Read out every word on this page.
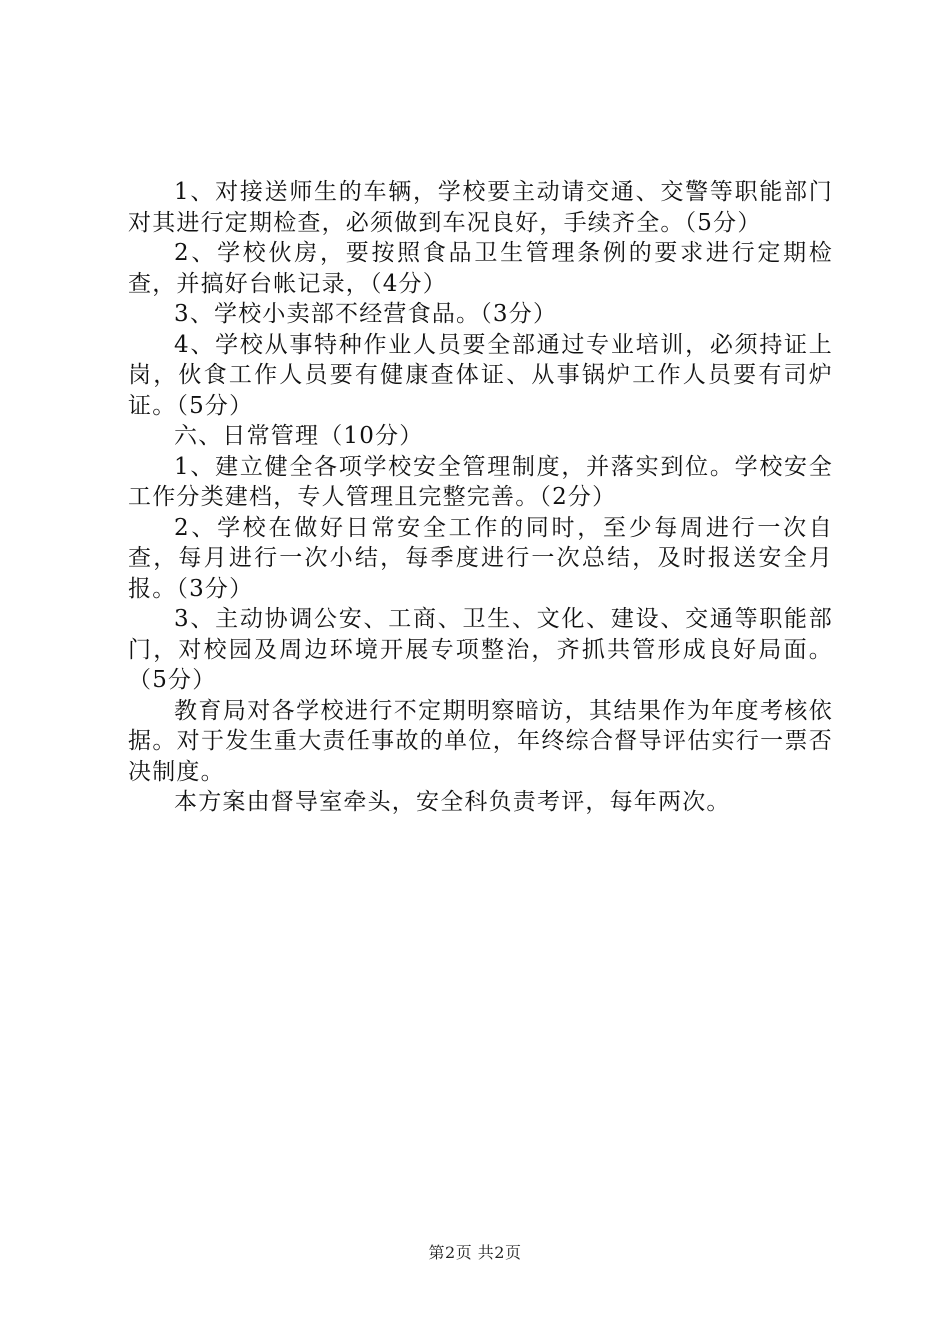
1、对接送师生的车辆，学校要主动请交通、交警等职能部门对其进行定期检查，必须做到车况良好，手续齐全。（5分）

2、学校伙房，要按照食品卫生管理条例的要求进行定期检查，并搞好台帐记录，（4分）

3、学校小卖部不经营食品。（3分）

4、学校从事特种作业人员要全部通过专业培训，必须持证上岗，伙食工作人员要有健康查体证、从事锅炉工作人员要有司炉证。（5分）

六、日常管理（10分）

1、建立健全各项学校安全管理制度，并落实到位。学校安全工作分类建档，专人管理且完整完善。（2分）

2、学校在做好日常安全工作的同时，至少每周进行一次自查，每月进行一次小结，每季度进行一次总结，及时报送安全月报。（3分）

3、主动协调公安、工商、卫生、文化、建设、交通等职能部门，对校园及周边环境开展专项整治，齐抓共管形成良好局面。（5分）

教育局对各学校进行不定期明察暗访，其结果作为年度考核依据。对于发生重大责任事故的单位，年终综合督导评估实行一票否决制度。

本方案由督导室牵头，安全科负责考评，每年两次。

第2页 共2页
